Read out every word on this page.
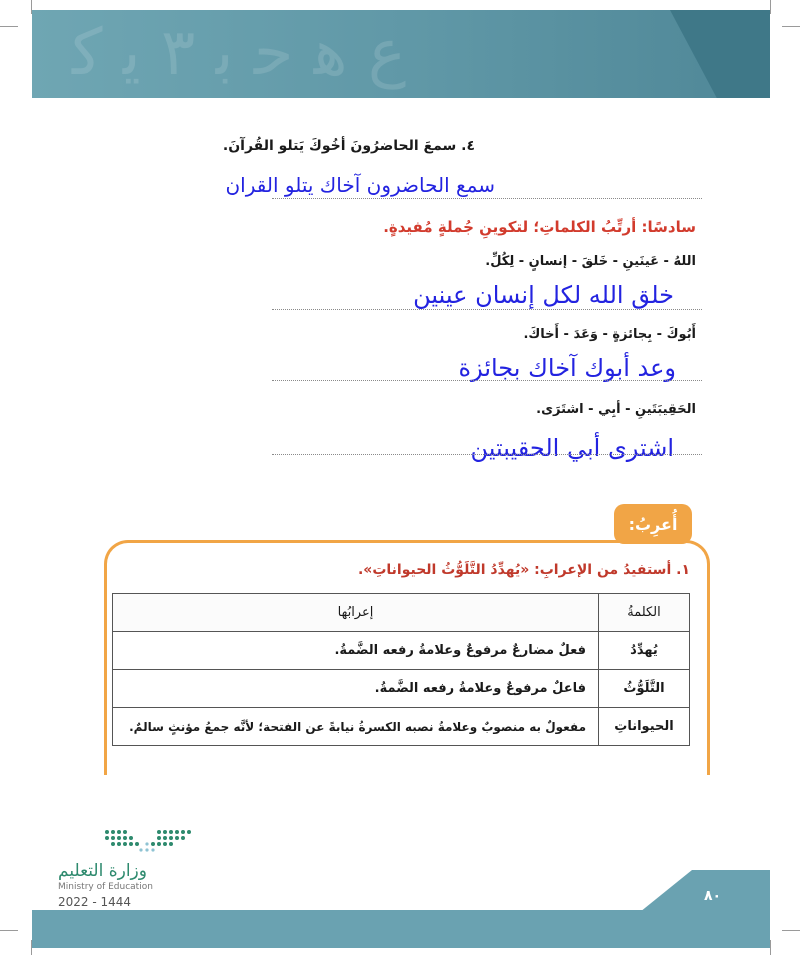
ع ﻫ ﺣ ﺑ ٣ ﯾ ﮐ
٤. سمعَ الحاضرُونَ أخُوكَ يَتلو القُرآنَ.
سمع الحاضرون آخاك يتلو القران
سادسًا: أرتِّبُ الكلماتِ؛ لتكوينِ جُملةٍ مُفيدةٍ.
اللهُ - عَينَينِ - خَلقَ - إنسانٍ - لِكُلِّ.
خلق الله لكل إنسان عينين
أَبُوكَ - بِجائزةٍ - وَعَدَ - أَخاكَ.
وعد أبوك آخاك بجائزة
الحَقِيبَتَينِ - أبِي - اشتَرَى.
اشترى أبي الحقيبتين
أُعرِبُ:
١. أستفيدُ من الإعرابِ: «يُهدِّدُ التَّلَوُّثُ الحيواناتِ».
الكلمةُ	إعرابُها
يُهدِّدُ	فعلٌ مضارعٌ مرفوعٌ وعلامةُ رفعه الضَّمةُ.
التَّلَوُّثُ	فاعلٌ مرفوعٌ وعلامةُ رفعه الضَّمةُ.
الحيواناتِ	مفعولٌ به منصوبٌ وعلامةُ نصبه الكسرةُ نيابةً عن الفتحة؛ لأنَّه جمعُ مؤنثٍ سالمٌ.
وزارة التعليم
Ministry of Education
2022 - 1444	٨٠
